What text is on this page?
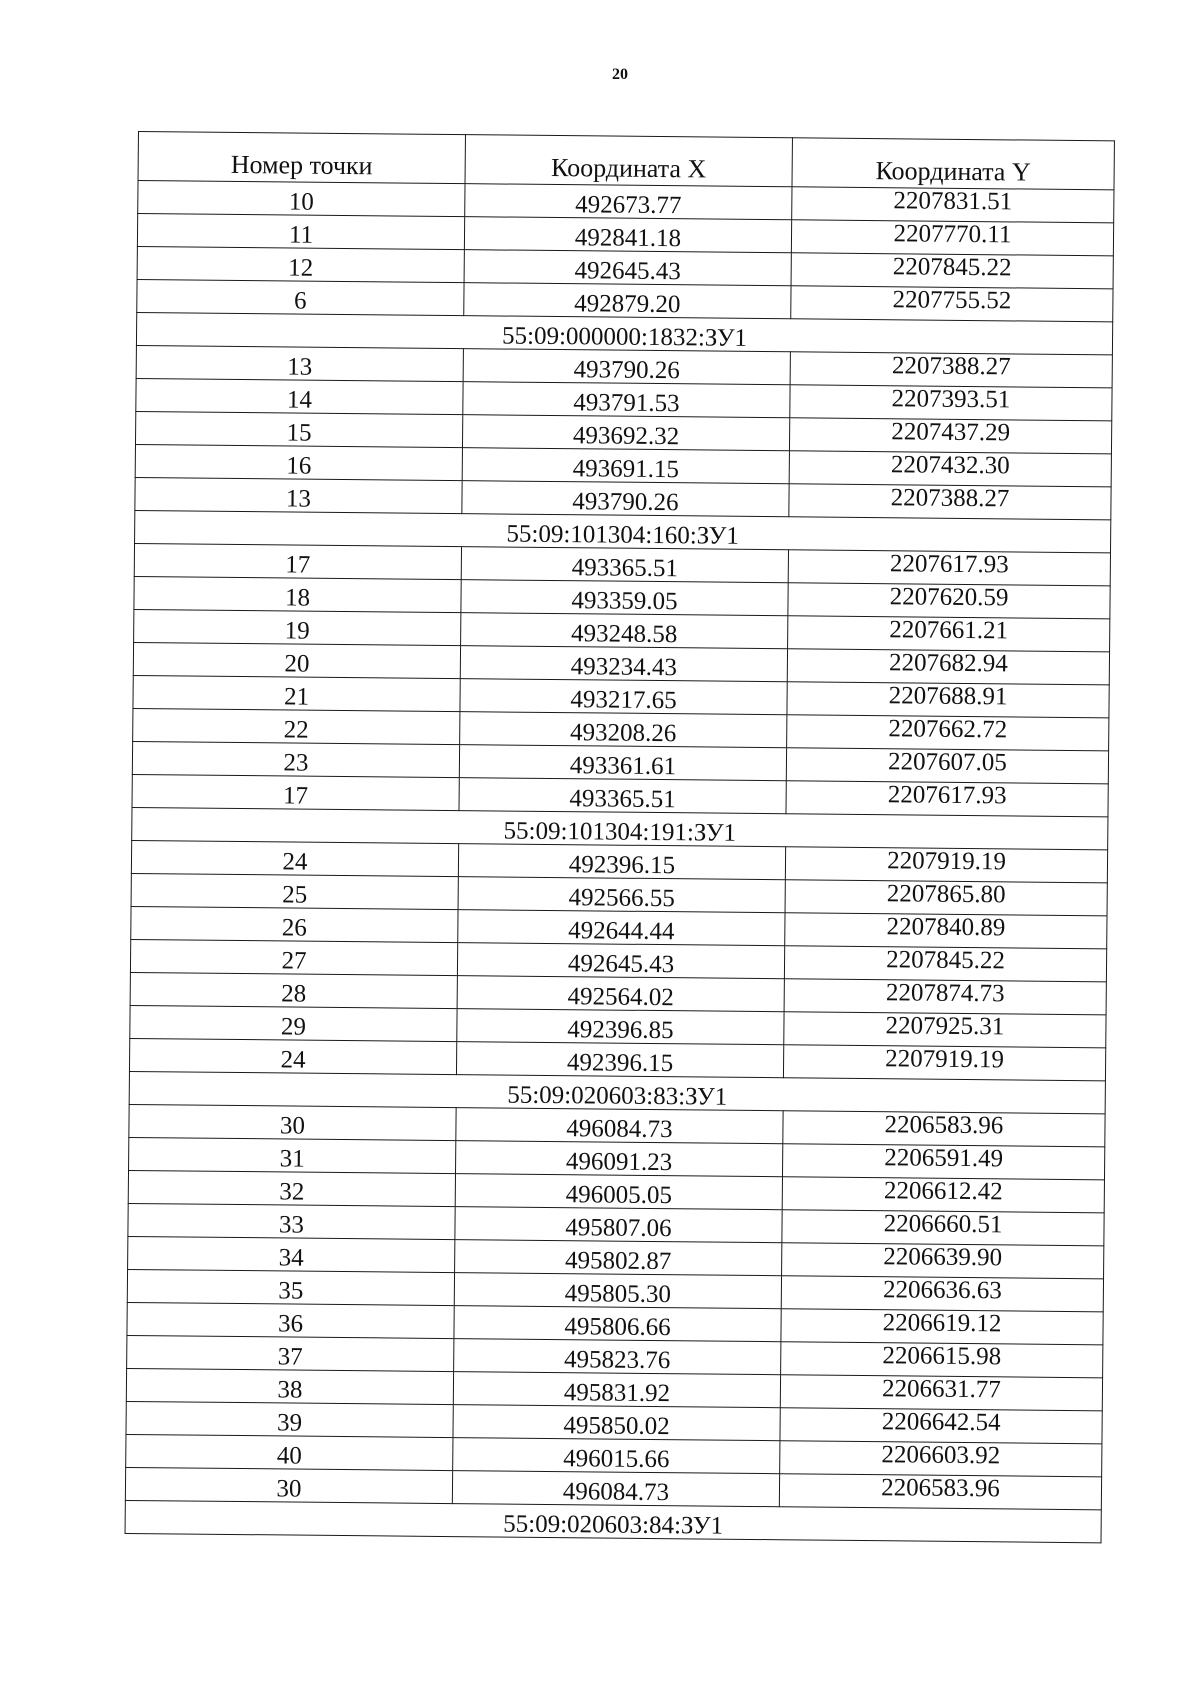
20
Номер точки	Координата X	Координата Y
10	492673.77	2207831.51
11	492841.18	2207770.11
12	492645.43	2207845.22
6	492879.20	2207755.52
55:09:000000:1832:ЗУ1		
13	493790.26	2207388.27
14	493791.53	2207393.51
15	493692.32	2207437.29
16	493691.15	2207432.30
13	493790.26	2207388.27
55:09:101304:160:ЗУ1		
17	493365.51	2207617.93
18	493359.05	2207620.59
19	493248.58	2207661.21
20	493234.43	2207682.94
21	493217.65	2207688.91
22	493208.26	2207662.72
23	493361.61	2207607.05
17	493365.51	2207617.93
55:09:101304:191:ЗУ1		
24	492396.15	2207919.19
25	492566.55	2207865.80
26	492644.44	2207840.89
27	492645.43	2207845.22
28	492564.02	2207874.73
29	492396.85	2207925.31
24	492396.15	2207919.19
55:09:020603:83:ЗУ1		
30	496084.73	2206583.96
31	496091.23	2206591.49
32	496005.05	2206612.42
33	495807.06	2206660.51
34	495802.87	2206639.90
35	495805.30	2206636.63
36	495806.66	2206619.12
37	495823.76	2206615.98
38	495831.92	2206631.77
39	495850.02	2206642.54
40	496015.66	2206603.92
30	496084.73	2206583.96
55:09:020603:84:ЗУ1		
